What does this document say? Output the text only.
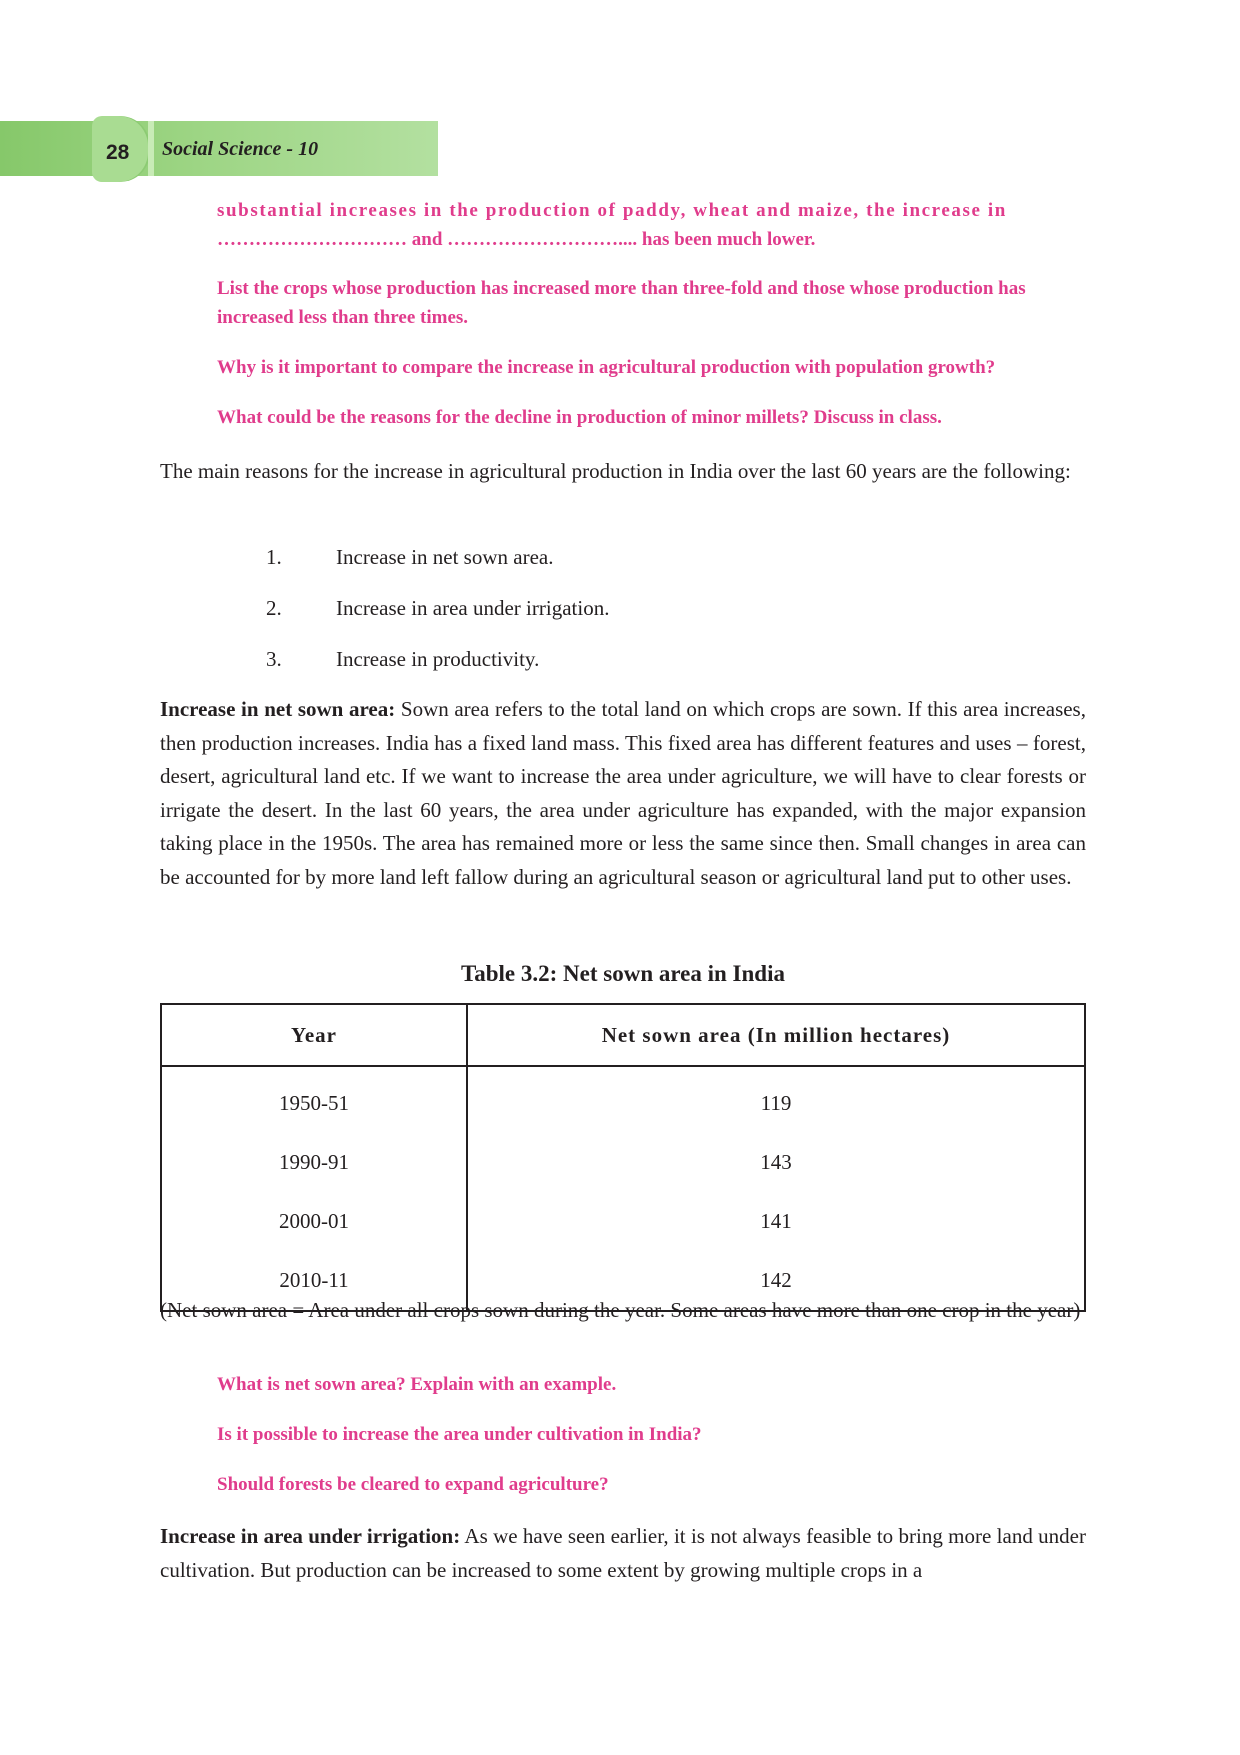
28	Social Science - 10

substantial increases in the production of paddy, wheat and maize, the increase in

………………………… and ……………………….... has been much lower.

List the crops whose production has increased more than three-fold and those whose production has increased less than three times.

Why is it important to compare the increase in agricultural production with population growth?

What could be the reasons for the decline in production of minor millets? Discuss in class.

The main reasons for the increase in agricultural production in India over the last 60 years are the following:

1.	Increase in net sown area.
2.	Increase in area under irrigation.
3.	Increase in productivity.

Increase in net sown area: Sown area refers to the total land on which crops are sown. If this area increases, then production increases. India has a fixed land mass. This fixed area has different features and uses – forest, desert, agricultural land etc. If we want to increase the area under agriculture, we will have to clear forests or irrigate the desert. In the last 60 years, the area under agriculture has expanded, with the major expansion taking place in the 1950s. The area has remained more or less the same since then. Small changes in area can be accounted for by more land left fallow during an agricultural season or agricultural land put to other uses.

Table 3.2: Net sown area in India

Year	Net sown area (In million hectares)
1950-51	119
1990-91	143
2000-01	141
2010-11	142

(Net sown area = Area under all crops sown during the year. Some areas have more than one crop in the year)

What is net sown area? Explain with an example.

Is it possible to increase the area under cultivation in India?

Should forests be cleared to expand agriculture?

Increase in area under irrigation: As we have seen earlier, it is not always feasible to bring more land under cultivation. But production can be increased to some extent by growing multiple crops in a
